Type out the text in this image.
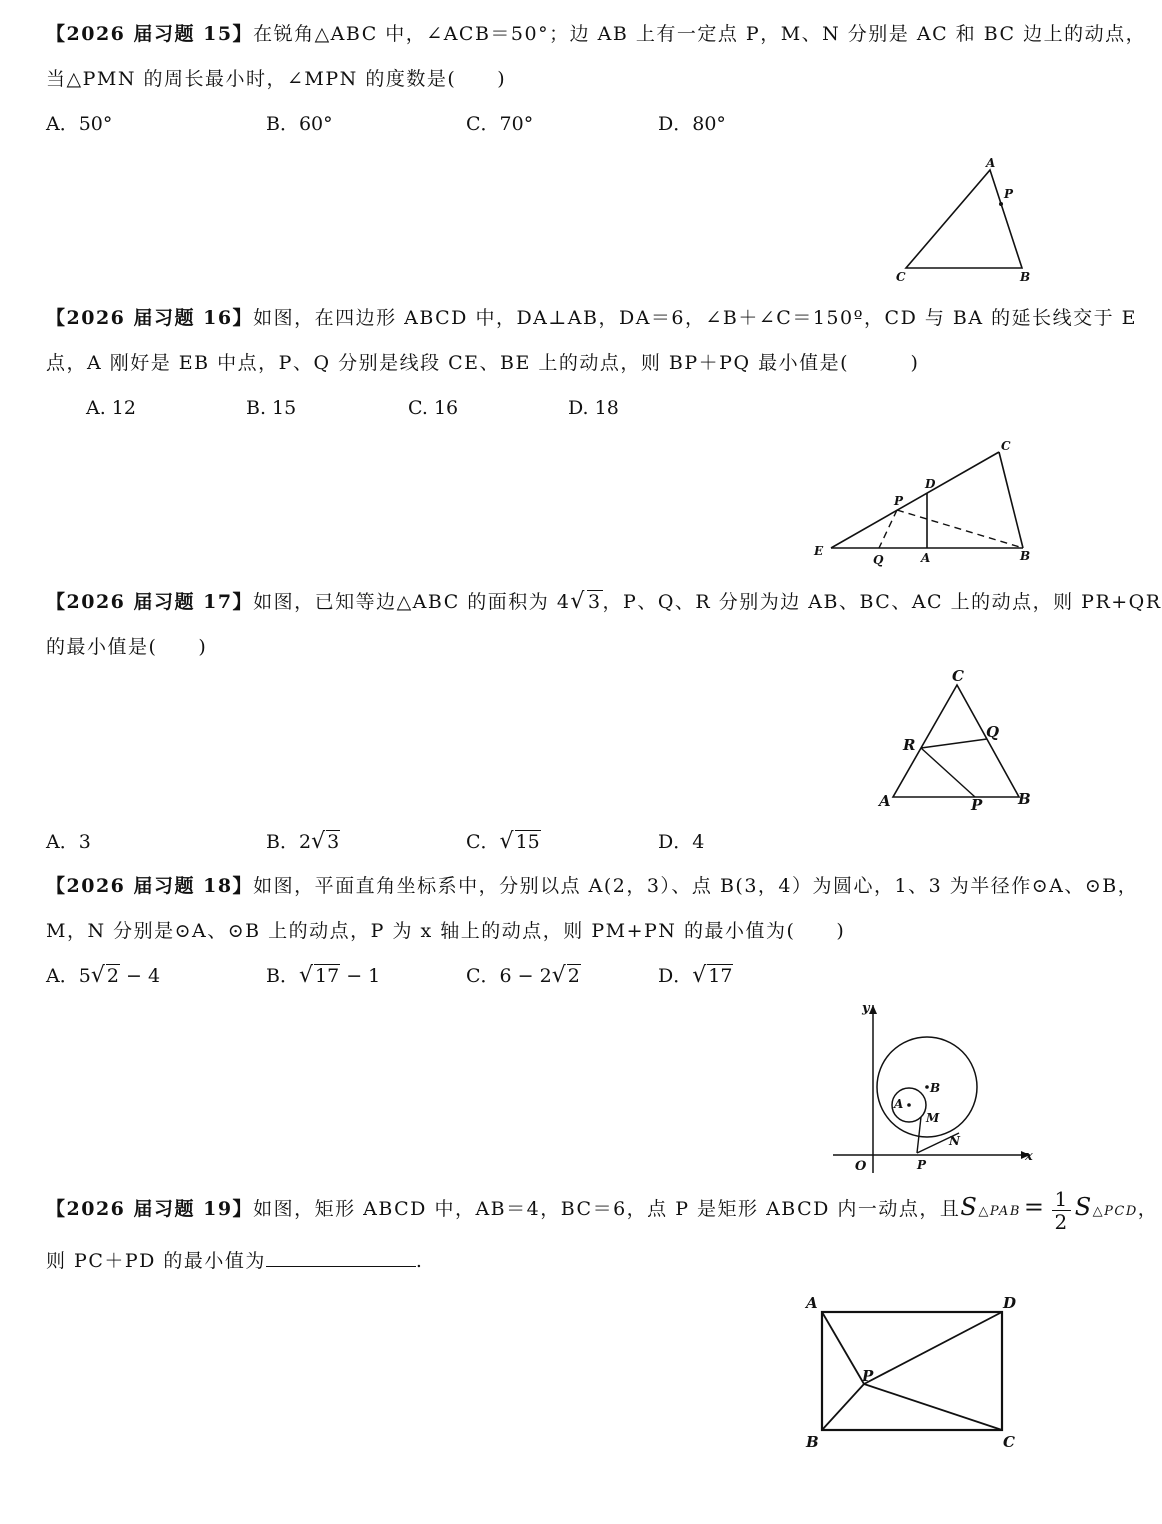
【2026 届习题 15】在锐角△ABC 中，∠ACB＝50°；边 AB 上有一定点 P，M、N 分别是 AC 和 BC 边上的动点，
当△PMN 的周长最小时，∠MPN 的度数是(　　)
A．50°	B．60°	C．70°	D．80°
A
P
C	B
【2026 届习题 16】如图，在四边形 ABCD 中，DA⊥AB，DA＝6，∠B＋∠C＝150º，CD 与 BA 的延长线交于 E
点，A 刚好是 EB 中点，P、Q 分别是线段 CE、BE 上的动点，则 BP＋PQ 最小值是(　　　)
A. 12	B. 15	C. 16	D. 18
C
D
P
E
Q	A	B
【2026 届习题 17】如图，已知等边△ABC 的面积为 4√ 3，P、Q、R 分别为边 AB、BC、AC 上的动点，则 PR+QR
的最小值是(　　)
C
R
Q
A	P B
A．3	B．2√ 3	C．√ 15	D．4
【2026 届习题 18】如图，平面直角坐标系中，分别以点 A(2，3）、点 B(3，4）为圆心，1、3 为半径作⊙A、⊙B，
M，N 分别是⊙A、⊙B 上的动点，P 为 x 轴上的动点，则 PM+PN 的最小值为(　　)
A．5√ 2 − 4	B．√ 17 − 1	C．6 − 2√ 2	D．√ 17
y
x
O
A
B
M
N
P
【2026 届习题 19】如图，矩形 ABCD 中，AB＝4，BC＝6，点 P 是矩形 ABCD 内一动点，且S△PAB = $\frac{1}{2}$ S△PCD，
则 PC＋PD 的最小值为	.
A	D
P
B	C
